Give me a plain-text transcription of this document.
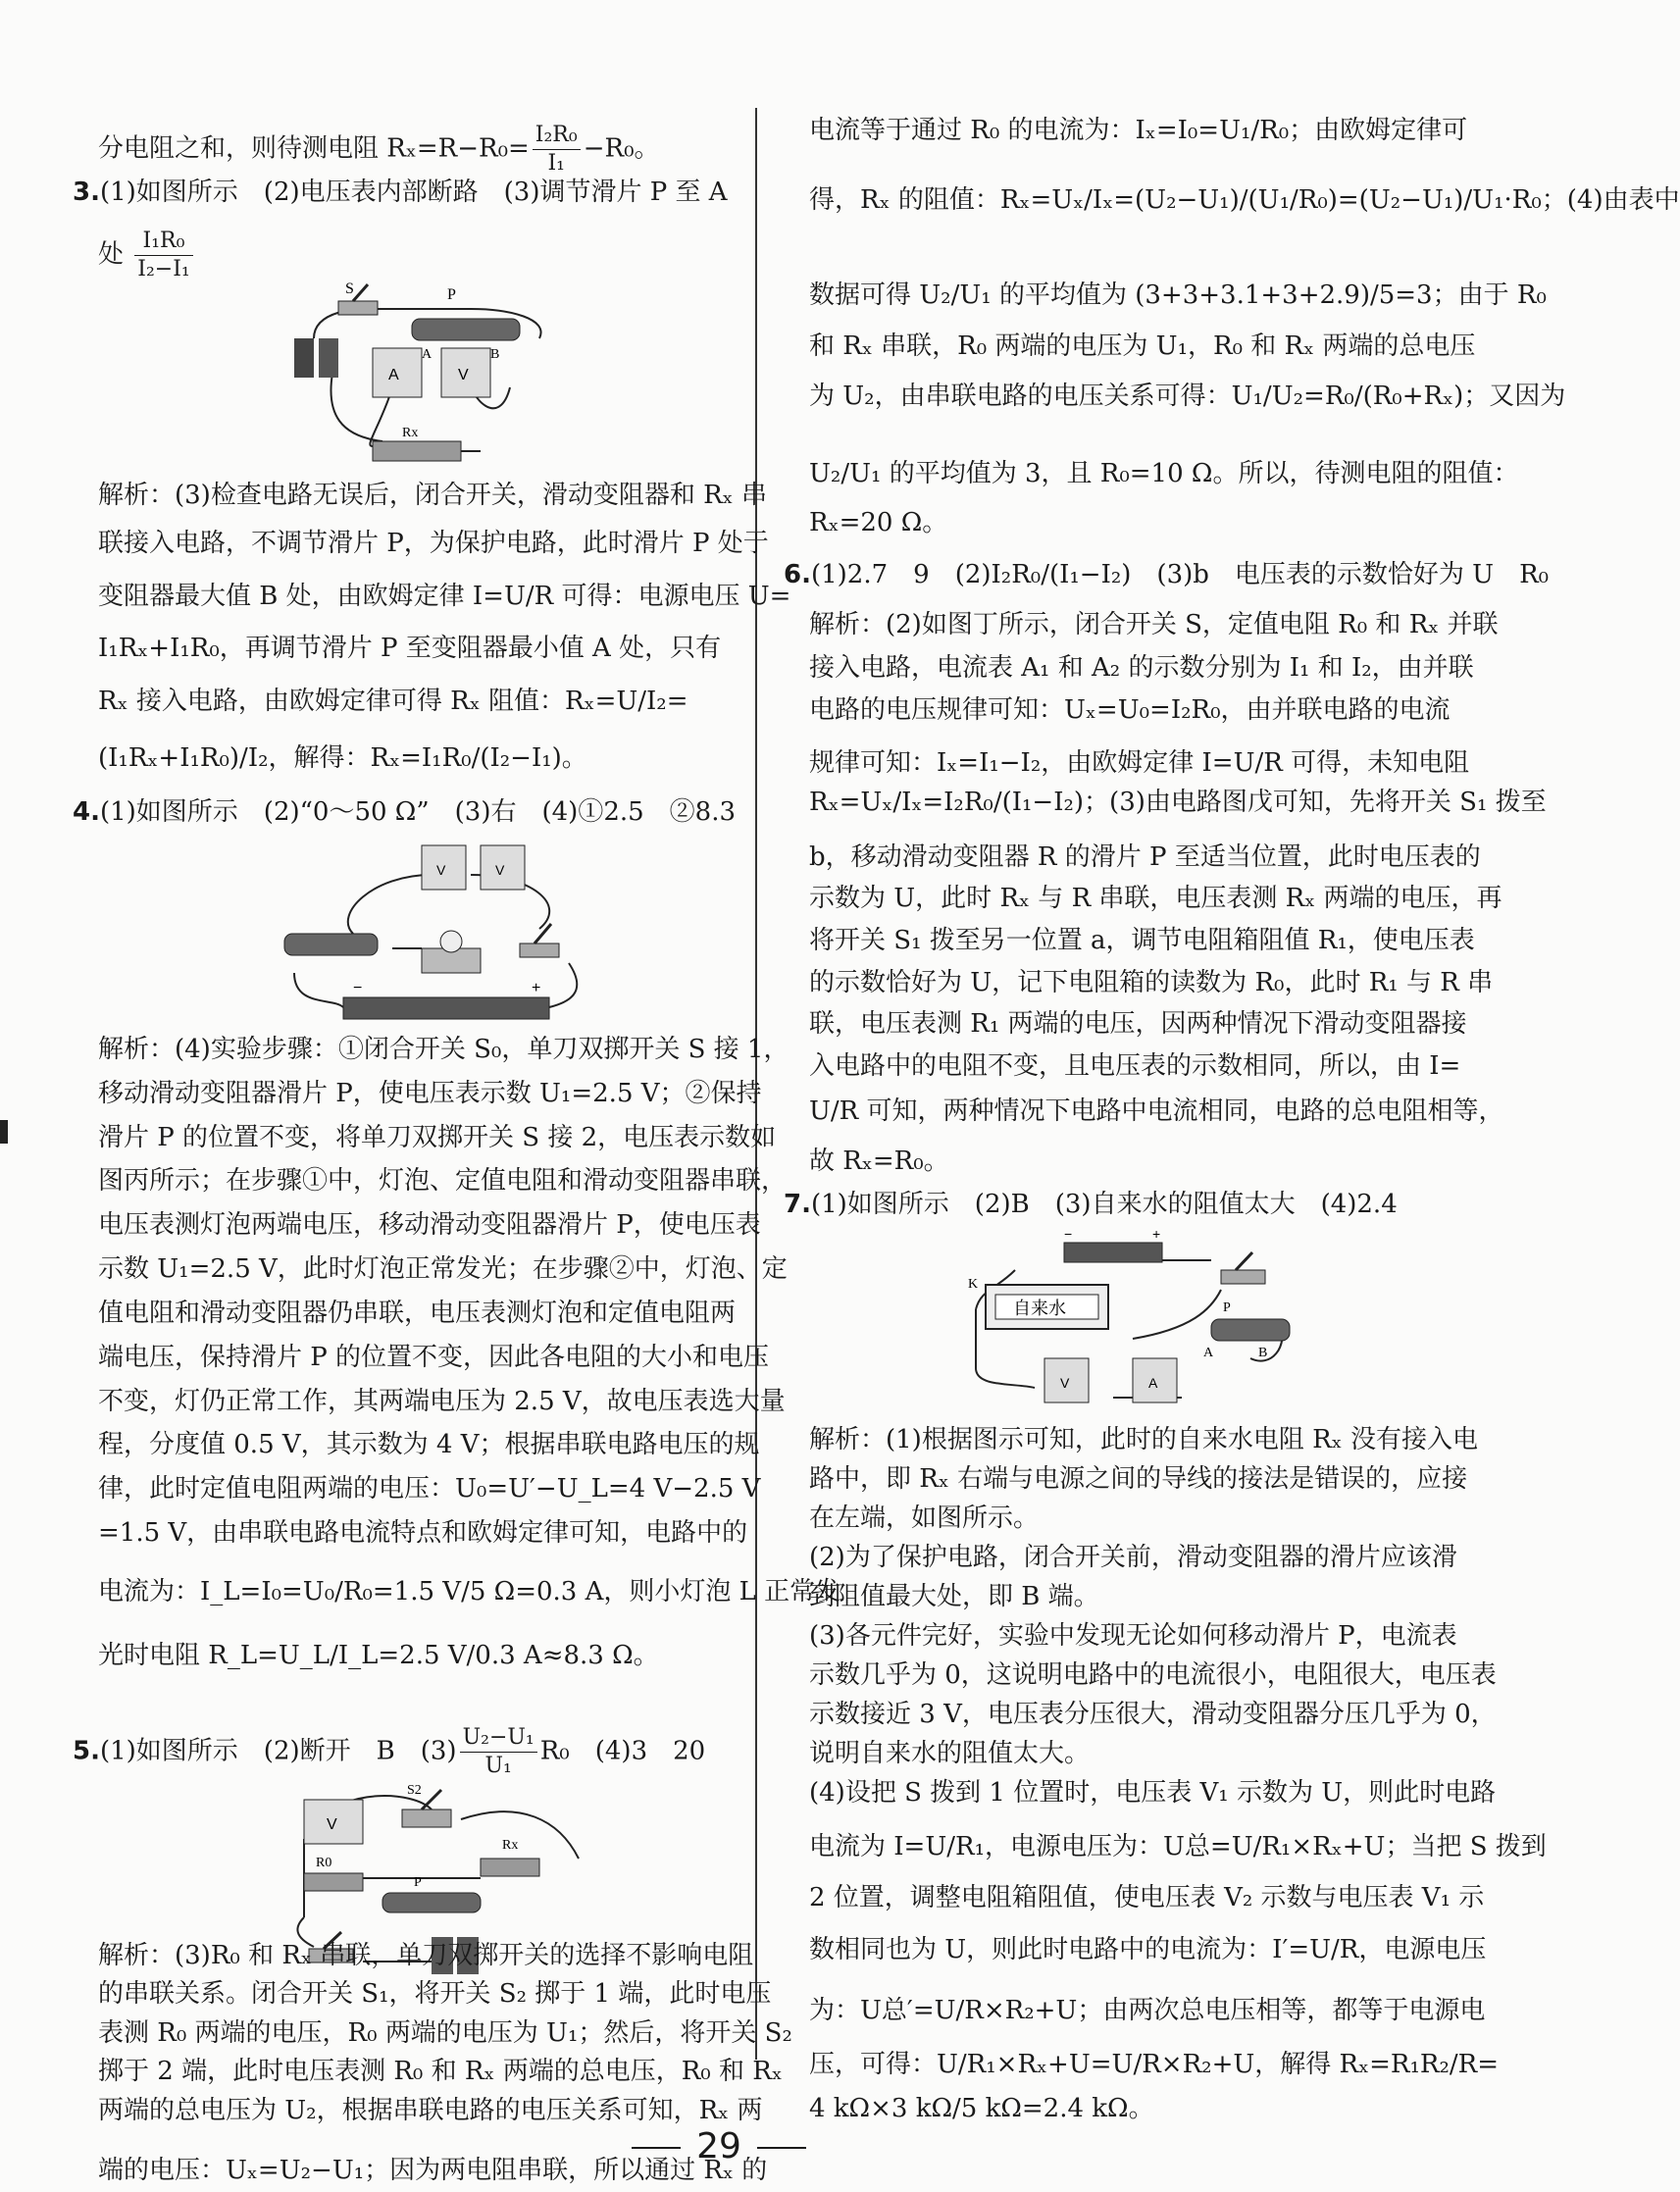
分电阻之和，则待测电阻 $R_x=R-R_0= \frac{\text{I₂R₀}}{\text{I₁}} -R_0$。
3.(1)如图所示　(2)电压表内部断路　(3)调节滑片 P 至 A
处 $\frac{\text{I₁R₀}}{\text{I₂−I₁}}$
S	P
A	B
A	V
Rx
解析：(3)检查电路无误后，闭合开关，滑动变阻器和 Rₓ 串
联接入电路，不调节滑片 P，为保护电路，此时滑片 P 处于
变阻器最大值 B 处，由欧姆定律 I=U/R 可得：电源电压 U=
I₁Rₓ+I₁R₀，再调节滑片 P 至变阻器最小值 A 处，只有
Rₓ 接入电路，由欧姆定律可得 Rₓ 阻值：Rₓ=U/I₂=
(I₁Rₓ+I₁R₀)/I₂，解得：Rₓ=I₁R₀/(I₂−I₁)。
4.(1)如图所示　(2)“0～50 Ω”　(3)右　(4)①2.5　②8.3
V	V
−	+
解析：(4)实验步骤：①闭合开关 S₀，单刀双掷开关 S 接 1，
移动滑动变阻器滑片 P，使电压表示数 U₁=2.5 V；②保持
滑片 P 的位置不变，将单刀双掷开关 S 接 2，电压表示数如
图丙所示；在步骤①中，灯泡、定值电阻和滑动变阻器串联，
电压表测灯泡两端电压，移动滑动变阻器滑片 P，使电压表
示数 U₁=2.5 V，此时灯泡正常发光；在步骤②中，灯泡、定
值电阻和滑动变阻器仍串联，电压表测灯泡和定值电阻两
端电压，保持滑片 P 的位置不变，因此各电阻的大小和电压
不变，灯仍正常工作，其两端电压为 2.5 V，故电压表选大量
程，分度值 0.5 V，其示数为 4 V；根据串联电路电压的规
律，此时定值电阻两端的电压：U₀=U′−U_L=4 V−2.5 V
=1.5 V，由串联电路电流特点和欧姆定律可知，电路中的
电流为：I_L=I₀=U₀/R₀=1.5 V/5 Ω=0.3 A，则小灯泡 L 正常发
光时电阻 R_L=U_L/I_L=2.5 V/0.3 A≈8.3 Ω。
5.(1)如图所示　(2)断开　B　$(3) \frac{\text{U₂−U₁}}{\text{U₁}} R_0$　(4)3　20
V
S2
Rx
R0
P
解析：(3)R₀ 和 Rₓ 串联，单刀双掷开关的选择不影响电阻
的串联关系。闭合开关 S₁，将开关 S₂ 掷于 1 端，此时电压
表测 R₀ 两端的电压，R₀ 两端的电压为 U₁；然后，将开关 S₂
掷于 2 端，此时电压表测 R₀ 和 Rₓ 两端的总电压，R₀ 和 Rₓ
两端的总电压为 U₂，根据串联电路的电压关系可知，Rₓ 两
端的电压：Uₓ=U₂−U₁；因为两电阻串联，所以通过 Rₓ 的
电流等于通过 R₀ 的电流为：Iₓ=I₀=U₁/R₀；由欧姆定律可
得，Rₓ 的阻值：Rₓ=Uₓ/Iₓ=(U₂−U₁)/(U₁/R₀)=(U₂−U₁)/U₁·R₀；(4)由表中
数据可得 U₂/U₁ 的平均值为 (3+3+3.1+3+2.9)/5=3；由于 R₀
和 Rₓ 串联，R₀ 两端的电压为 U₁，R₀ 和 Rₓ 两端的总电压
为 U₂，由串联电路的电压关系可得：U₁/U₂=R₀/(R₀+Rₓ)；又因为
U₂/U₁ 的平均值为 3，且 R₀=10 Ω。所以，待测电阻的阻值：
Rₓ=20 Ω。
6.(1)2.7　9　(2)I₂R₀/(I₁−I₂)　(3)b　电压表的示数恰好为 U　R₀
解析：(2)如图丁所示，闭合开关 S，定值电阻 R₀ 和 Rₓ 并联
接入电路，电流表 A₁ 和 A₂ 的示数分别为 I₁ 和 I₂，由并联
电路的电压规律可知：Uₓ=U₀=I₂R₀，由并联电路的电流
规律可知：Iₓ=I₁−I₂，由欧姆定律 I=U/R 可得，未知电阻
Rₓ=Uₓ/Iₓ=I₂R₀/(I₁−I₂)；(3)由电路图戊可知，先将开关 S₁ 拨至
b，移动滑动变阻器 R 的滑片 P 至适当位置，此时电压表的
示数为 U，此时 Rₓ 与 R 串联，电压表测 Rₓ 两端的电压，再
将开关 S₁ 拨至另一位置 a，调节电阻箱阻值 R₁，使电压表
的示数恰好为 U，记下电阻箱的读数为 R₀，此时 R₁ 与 R 串
联，电压表测 R₁ 两端的电压，因两种情况下滑动变阻器接
入电路中的电阻不变，且电压表的示数相同，所以，由 I=
U/R 可知，两种情况下电路中电流相同，电路的总电阻相等，
故 Rₓ=R₀。
7.(1)如图所示　(2)B　(3)自来水的阻值太大　(4)2.4
−	+
自来水
K
P
A	B
V	A
解析：(1)根据图示可知，此时的自来水电阻 Rₓ 没有接入电
路中，即 Rₓ 右端与电源之间的导线的接法是错误的，应接
在左端，如图所示。
(2)为了保护电路，闭合开关前，滑动变阻器的滑片应该滑
到阻值最大处，即 B 端。
(3)各元件完好，实验中发现无论如何移动滑片 P，电流表
示数几乎为 0，这说明电路中的电流很小，电阻很大，电压表
示数接近 3 V，电压表分压很大，滑动变阻器分压几乎为 0，
说明自来水的阻值太大。
(4)设把 S 拨到 1 位置时，电压表 V₁ 示数为 U，则此时电路
电流为 I=U/R₁，电源电压为：U总=U/R₁×Rₓ+U；当把 S 拨到
2 位置，调整电阻箱阻值，使电压表 V₂ 示数与电压表 V₁ 示
数相同也为 U，则此时电路中的电流为：I′=U/R，电源电压
为：U总′=U/R×R₂+U；由两次总电压相等，都等于电源电
压，可得：U/R₁×Rₓ+U=U/R×R₂+U，解得 Rₓ=R₁R₂/R=
4 kΩ×3 kΩ/5 kΩ=2.4 kΩ。
29
